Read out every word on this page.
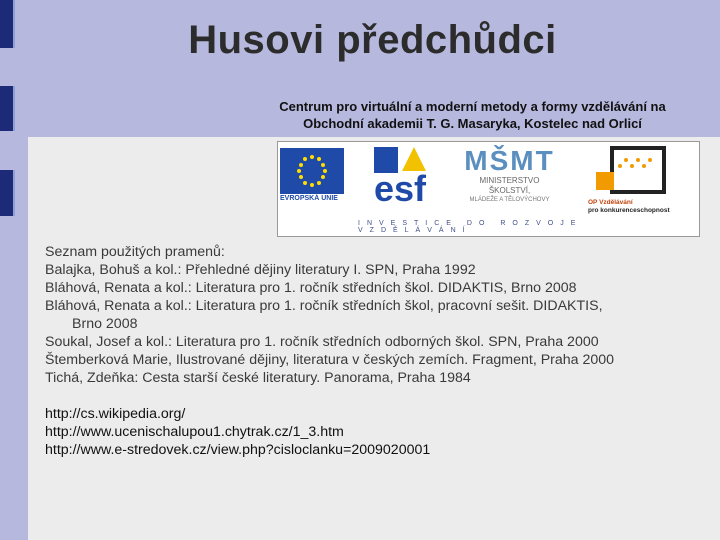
Husovi předchůdci
Centrum pro virtuální a moderní metody a formy vzdělávání na
Obchodní akademii T. G. Masaryka, Kostelec nad Orlicí
EVROPSKÁ UNIE esf
MŠMT
MINISTERSTVO ŠKOLSTVÍ,
MLÁDEŽE A TĚLOVÝCHOVY	OP Vzdělávání
pro konkurenceschopnost
INVESTICE DO ROZVOJE VZDĚLÁVÁNÍ
Seznam použitých pramenů:
Balajka, Bohuš a kol.: Přehledné dějiny literatury I. SPN, Praha 1992
Bláhová, Renata a kol.: Literatura pro 1. ročník středních škol. DIDAKTIS, Brno 2008
Bláhová, Renata a kol.: Literatura pro 1. ročník středních škol, pracovní sešit. DIDAKTIS,
Brno 2008
Soukal, Josef a kol.: Literatura pro 1. ročník středních odborných škol. SPN, Praha 2000
Štemberková Marie, Ilustrované dějiny, literatura v českých zemích. Fragment, Praha 2000
Tichá, Zdeňka: Cesta starší české literatury. Panorama, Praha 1984
http://cs.wikipedia.org/
http://www.ucenischalupou1.chytrak.cz/1_3.htm
http://www.e-stredovek.cz/view.php?cisloclanku=2009020001
